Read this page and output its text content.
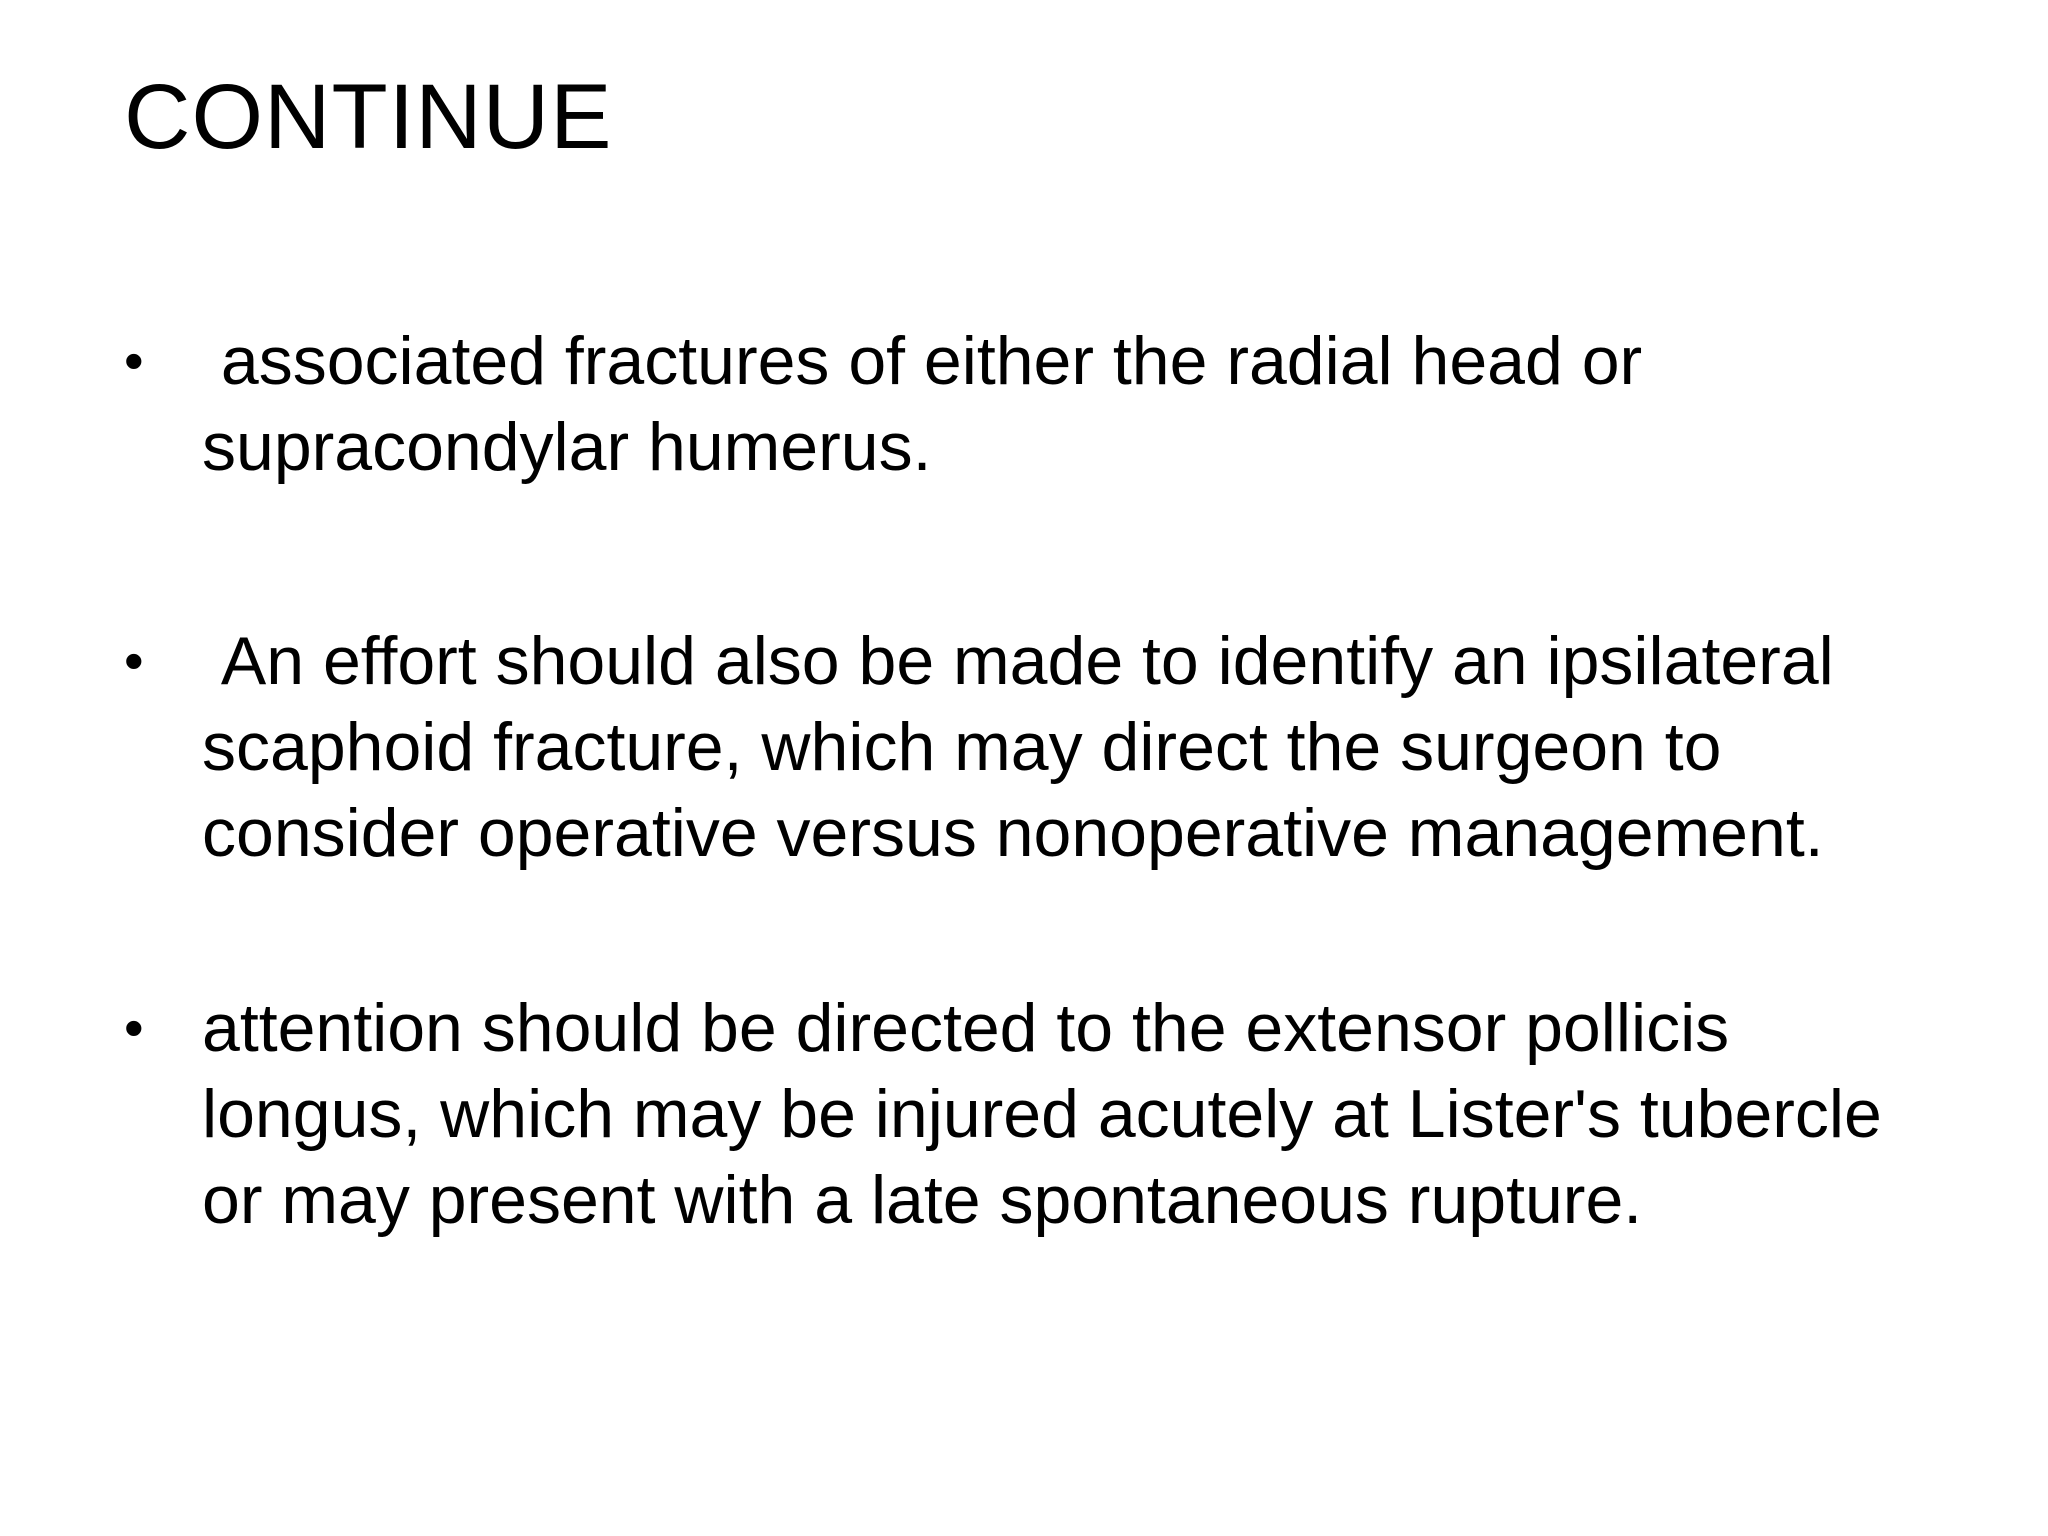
CONTINUE
• associated fractures of either the radial head or supracondylar humerus.
• An effort should also be made to identify an ipsilateral scaphoid fracture, which may direct the surgeon to consider operative versus nonoperative management.
• attention should be directed to the extensor pollicis longus, which may be injured acutely at Lister's tubercle or may present with a late spontaneous rupture.
